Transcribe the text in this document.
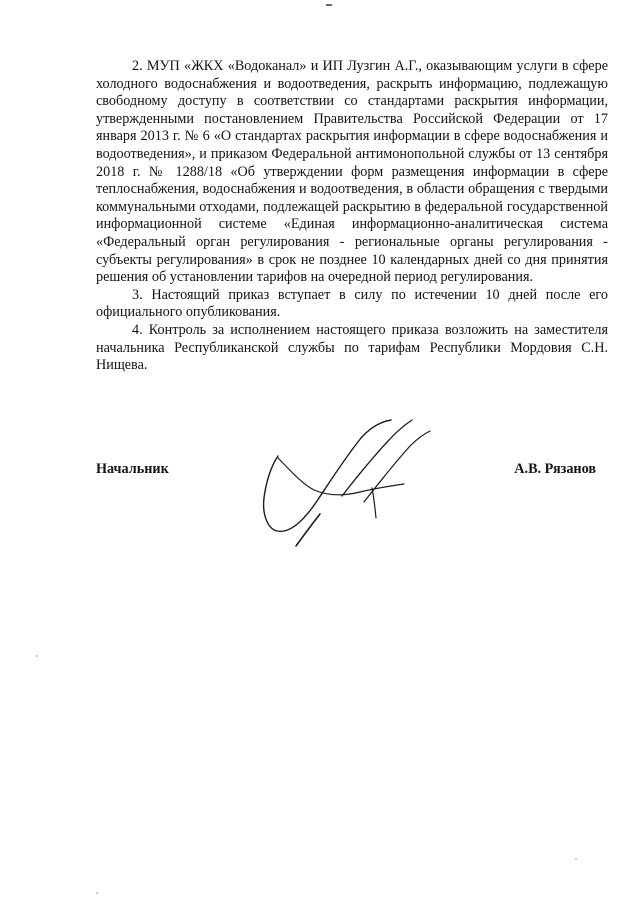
2. МУП «ЖКХ «Водоканал» и ИП Лузгин А.Г., оказывающим услуги в сфере холодного водоснабжения и водоотведения, раскрыть информацию, подлежащую свободному доступу в соответствии со стандартами раскрытия информации, утвержденными постановлением Правительства Российской Федерации от 17 января 2013 г. № 6 «О стандартах раскрытия информации в сфере водоснабжения и водоотведения», и приказом Федеральной антимонопольной службы от 13 сентября 2018 г. № 1288/18 «Об утверждении форм размещения информации в сфере теплоснабжения, водоснабжения и водоотведения, в области обращения с твердыми коммунальными отходами, подлежащей раскрытию в федеральной государственной информационной системе «Единая информационно-аналитическая система «Федеральный орган регулирования - региональные органы регулирования - субъекты регулирования» в срок не позднее 10 календарных дней со дня принятия решения об установлении тарифов на очередной период регулирования.

3. Настоящий приказ вступает в силу по истечении 10 дней после его официального опубликования.

4. Контроль за исполнением настоящего приказа возложить на заместителя начальника Республиканской службы по тарифам Республики Мордовия С.Н. Нищева.

Начальник	А.В. Рязанов
